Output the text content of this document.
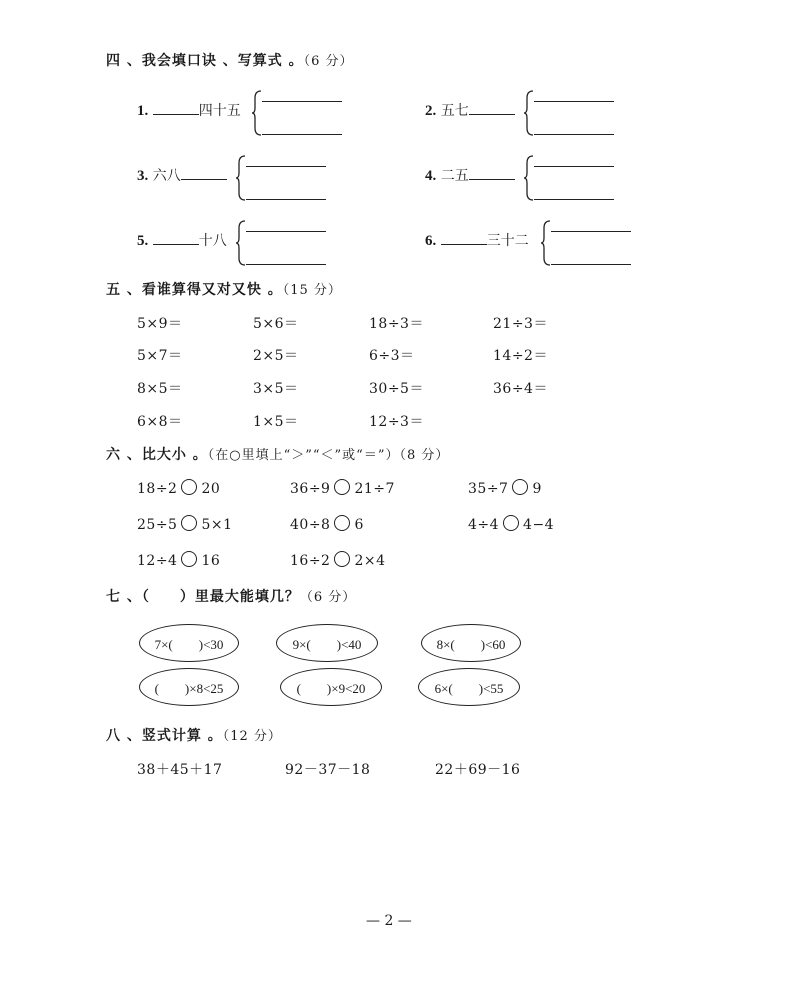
四 、我会填口诀 、写算式 。（6 分）
1.	四十五	2. 五七
3. 六八	4. 二五
5.	十八	6.	三十二
五 、看谁算得又对又快 。（15 分）
5×9＝	5×6＝	18÷3＝	21÷3＝
5×7＝	2×5＝	6÷3＝	14÷2＝
8×5＝	3×5＝	30÷5＝	36÷4＝
6×8＝	1×5＝	12÷3＝
六 、比大小 。（在○里填上“＞”“＜”或“＝”）（8 分）
18÷2 20	36÷9 21÷7	35÷7 9
25÷5 5×1	40÷8 6	4÷4 4−4
12÷4 16	16÷2 2×4
七 、（　　）里最大能填几？（6 分）
7×(　　)<30	9×(　　)<40	8×(　　)<60
(　　)×8<25	(　　)×9<20	6×(　　)<55
八 、竖式计算 。（12 分）
38＋45＋17	92－37－18	22＋69－16
— 2 —
